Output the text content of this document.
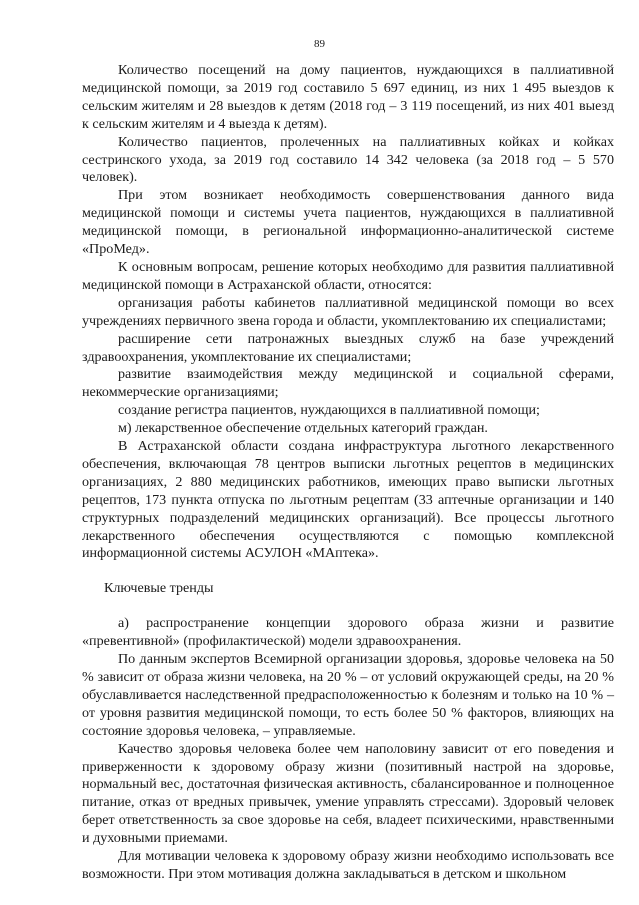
89

Количество посещений на дому пациентов, нуждающихся в паллиативной медицинской помощи, за 2019 год составило 5 697 единиц, из них 1 495 выездов к сельским жителям и 28 выездов к детям (2018 год – 3 119 посещений, из них 401 выезд к сельским жителям и 4 выезда к детям).

Количество пациентов, пролеченных на паллиативных койках и койках сестринского ухода, за 2019 год составило 14 342 человека (за 2018 год – 5 570 человек).

При этом возникает необходимость совершенствования данного вида медицинской помощи и системы учета пациентов, нуждающихся в паллиативной медицинской помощи, в региональной информационно-аналитической системе «ПроМед».

К основным вопросам, решение которых необходимо для развития паллиативной медицинской помощи в Астраханской области, относятся:

организация работы кабинетов паллиативной медицинской помощи во всех учреждениях первичного звена города и области, укомплектованию их специалистами;

расширение сети патронажных выездных служб на базе учреждений здравоохранения, укомплектование их специалистами;

развитие взаимодействия между медицинской и социальной сферами, некоммерческие организациями;

создание регистра пациентов, нуждающихся в паллиативной помощи;

м) лекарственное обеспечение отдельных категорий граждан.

В Астраханской области создана инфраструктура льготного лекарственного обеспечения, включающая 78 центров выписки льготных рецептов в медицинских организациях, 2 880 медицинских работников, имеющих право выписки льготных рецептов, 173 пункта отпуска по льготным рецептам (33 аптечные организации и 140 структурных подразделений медицинских организаций). Все процессы льготного лекарственного обеспечения осуществляются с помощью комплексной информационной системы АСУЛОН «МАптека».

Ключевые тренды

а) распространение концепции здорового образа жизни и развитие «превентивной» (профилактической) модели здравоохранения.

По данным экспертов Всемирной организации здоровья, здоровье человека на 50 % зависит от образа жизни человека, на 20 % – от условий окружающей среды, на 20 % обуславливается наследственной предрасположенностью к болезням и только на 10 % – от уровня развития медицинской помощи, то есть более 50 % факторов, влияющих на состояние здоровья человека, – управляемые.

Качество здоровья человека более чем наполовину зависит от его поведения и приверженности к здоровому образу жизни (позитивный настрой на здоровье, нормальный вес, достаточная физическая активность, сбалансированное и полноценное питание, отказ от вредных привычек, умение управлять стрессами). Здоровый человек берет ответственность за свое здоровье на себя, владеет психическими, нравственными и духовными приемами.

Для мотивации человека к здоровому образу жизни необходимо использовать все возможности. При этом мотивация должна закладываться в детском и школьном
